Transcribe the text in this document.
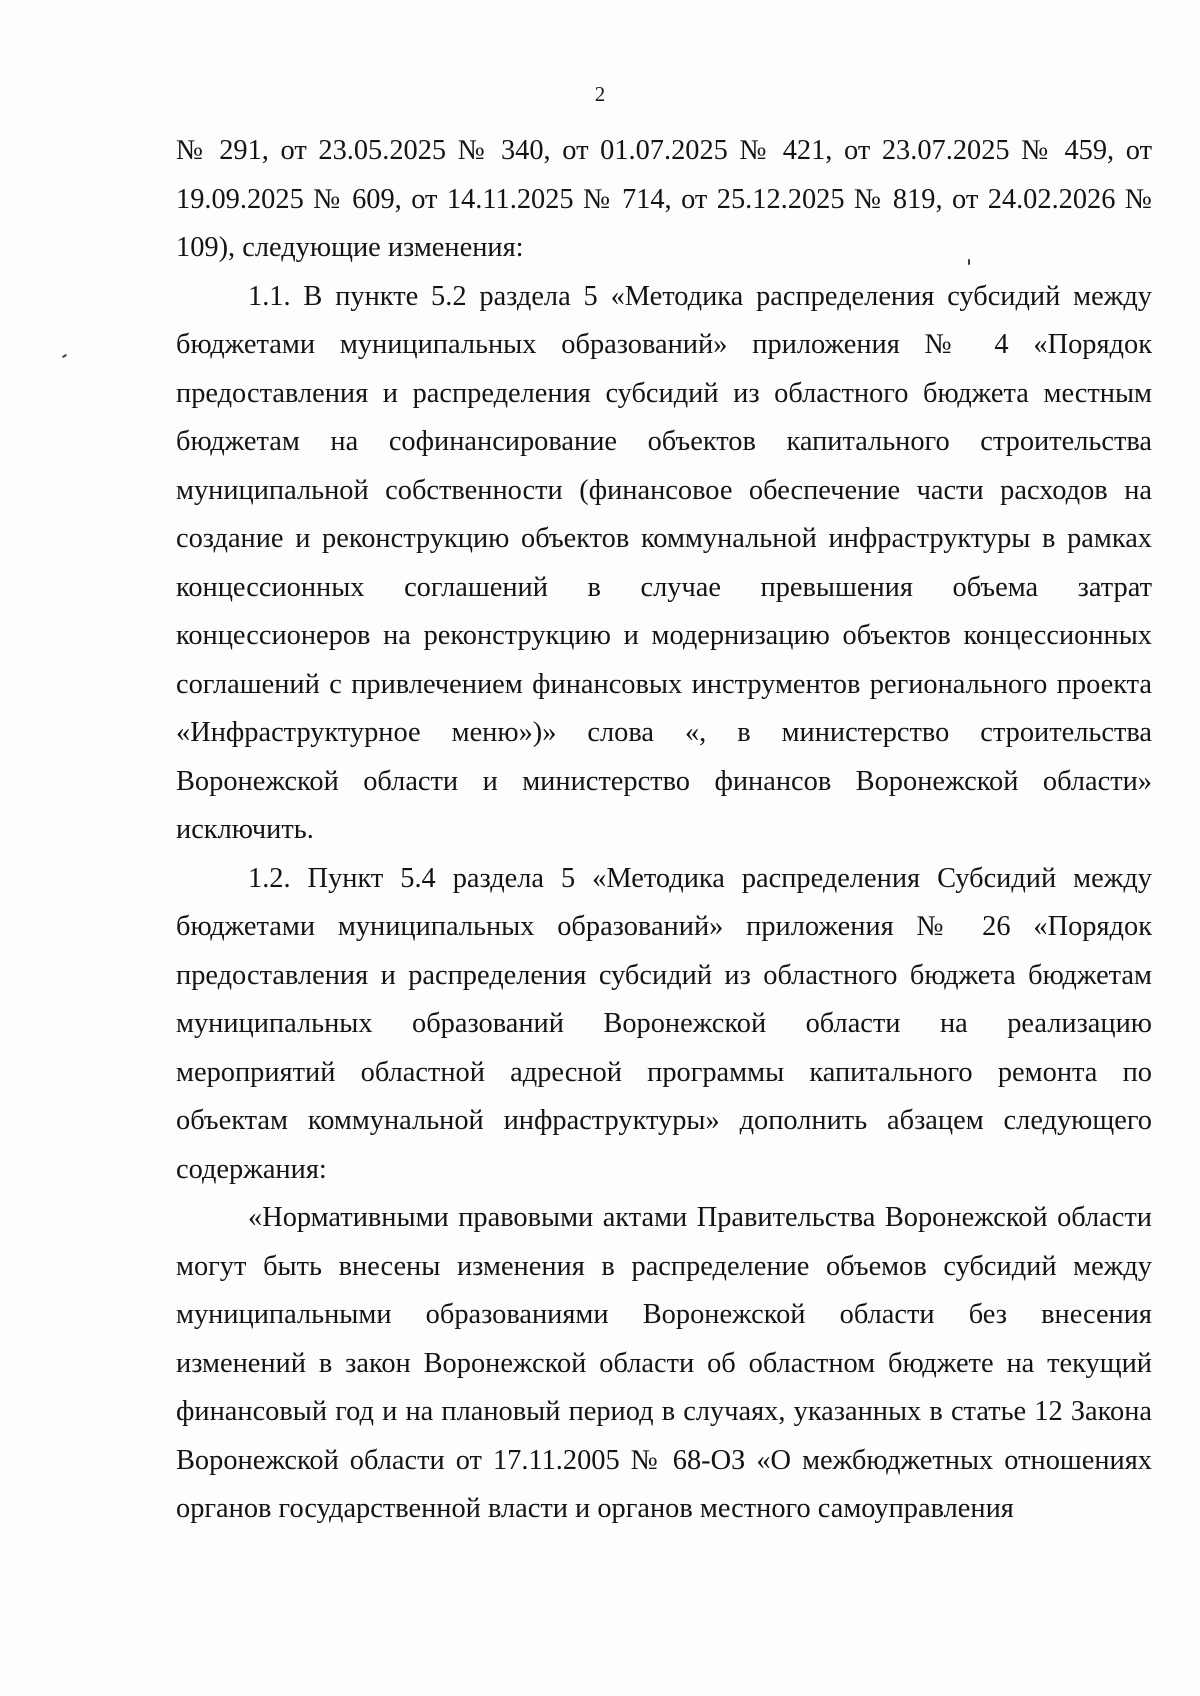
2

№ 291, от 23.05.2025 № 340, от 01.07.2025 № 421, от 23.07.2025 № 459, от 19.09.2025 № 609, от 14.11.2025 № 714, от 25.12.2025 № 819, от 24.02.2026 № 109), следующие изменения:

1.1. В пункте 5.2 раздела 5 «Методика распределения субсидий между бюджетами муниципальных образований» приложения № 4 «Порядок предоставления и распределения субсидий из областного бюджета местным бюджетам на софинансирование объектов капитального строительства муниципальной собственности (финансовое обеспечение части расходов на создание и реконструкцию объектов коммунальной инфраструктуры в рамках концессионных соглашений в случае превышения объема затрат концессионеров на реконструкцию и модернизацию объектов концессионных соглашений с привлечением финансовых инструментов регионального проекта «Инфраструктурное меню»)» слова «, в министерство строительства Воронежской области и министерство финансов Воронежской области» исключить.

1.2. Пункт 5.4 раздела 5 «Методика распределения Субсидий между бюджетами муниципальных образований» приложения № 26 «Порядок предоставления и распределения субсидий из областного бюджета бюджетам муниципальных образований Воронежской области на реализацию мероприятий областной адресной программы капитального ремонта по объектам коммунальной инфраструктуры» дополнить абзацем следующего содержания:

«Нормативными правовыми актами Правительства Воронежской области могут быть внесены изменения в распределение объемов субсидий между муниципальными образованиями Воронежской области без внесения изменений в закон Воронежской области об областном бюджете на текущий финансовый год и на плановый период в случаях, указанных в статье 12 Закона Воронежской области от 17.11.2005 № 68-ОЗ «О межбюджетных отношениях органов государственной власти и органов местного самоуправления
